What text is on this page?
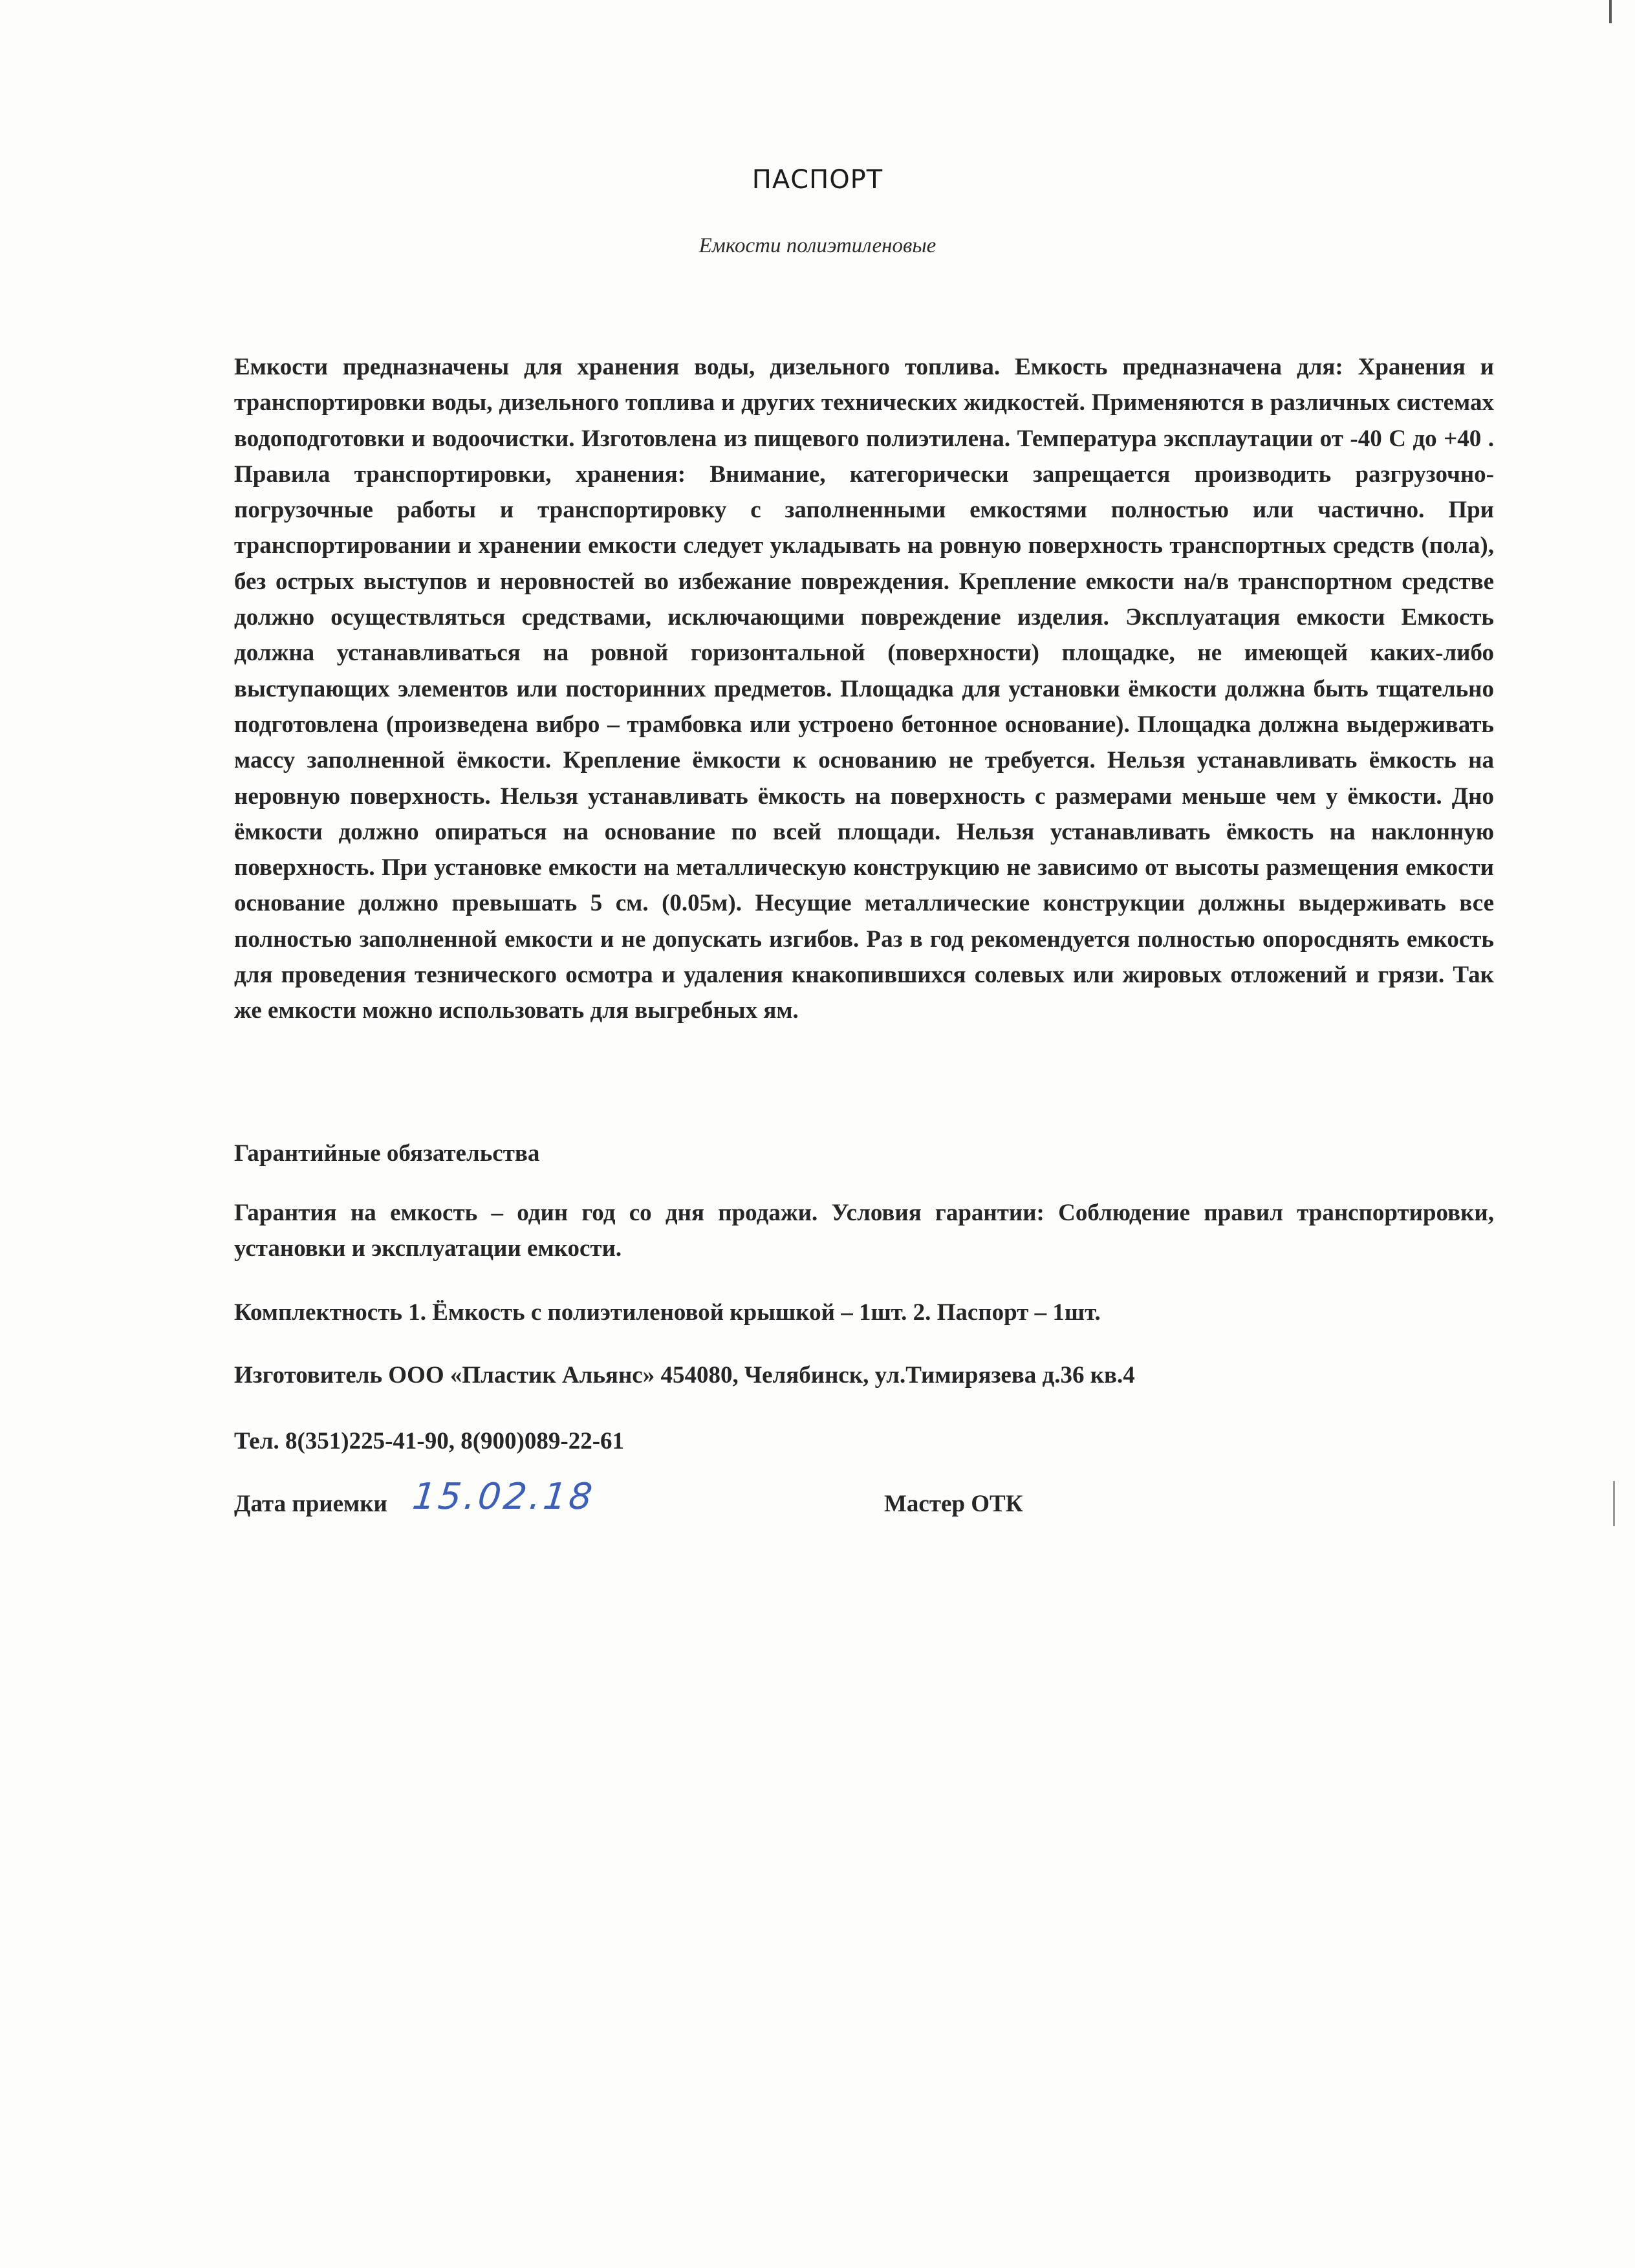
ПАСПОРТ
Емкости полиэтиленовые

Емкости предназначены для хранения воды, дизельного топлива. Емкость предназначена для: Хранения и транспортировки воды, дизельного топлива и других технических жидкостей. Применяются в различных системах водоподготовки и водоочистки. Изготовлена из пищевого полиэтилена. Температура эксплаутации от -40 С до +40 . Правила транспортировки, хранения: Внимание, категорически запрещается производить разгрузочно-погрузочные работы и транспортировку с заполненными емкостями полностью или частично. При транспортировании и хранении емкости следует укладывать на ровную поверхность транспортных средств (пола), без острых выступов и неровностей во избежание повреждения. Крепление емкости на/в транспортном средстве должно осуществляться средствами, исключающими повреждение изделия. Эксплуатация емкости Емкость должна устанавливаться на ровной горизонтальной (поверхности) площадке, не имеющей каких-либо выступающих элементов или посторинних предметов. Площадка для установки ёмкости должна быть тщательно подготовлена (произведена вибро – трамбовка или устроено бетонное основание). Площадка должна выдерживать массу заполненной ёмкости. Крепление ёмкости к основанию не требуется. Нельзя устанавливать ёмкость на неровную поверхность. Нельзя устанавливать ёмкость на поверхность с размерами меньше чем у ёмкости. Дно ёмкости должно опираться на основание по всей площади. Нельзя устанавливать ёмкость на наклонную поверхность. При установке емкости на металлическую конструкцию не зависимо от высоты размещения емкости основание должно превышать 5 см. (0.05м). Несущие металлические конструкции должны выдерживать все полностью заполненной емкости и не допускать изгибов. Раз в год рекомендуется полностью опоросднять емкость для проведения тезнического осмотра и удаления кнакопившихся солевых или жировых отложений и грязи. Так же емкости можно использовать для выгребных ям.

Гарантийные обязательства

Гарантия на емкость – один год со дня продажи. Условия гарантии: Соблюдение правил транспортировки, установки и эксплуатации емкости.

Комплектность 1. Ёмкость с полиэтиленовой крышкой – 1шт. 2. Паспорт – 1шт.
Изготовитель ООО «Пластик Альянс» 454080, Челябинск, ул.Тимирязева д.36 кв.4
Тел. 8(351)225-41-90, 8(900)089-22-61
Дата приемки 15.02.18	Мастер ОТК
